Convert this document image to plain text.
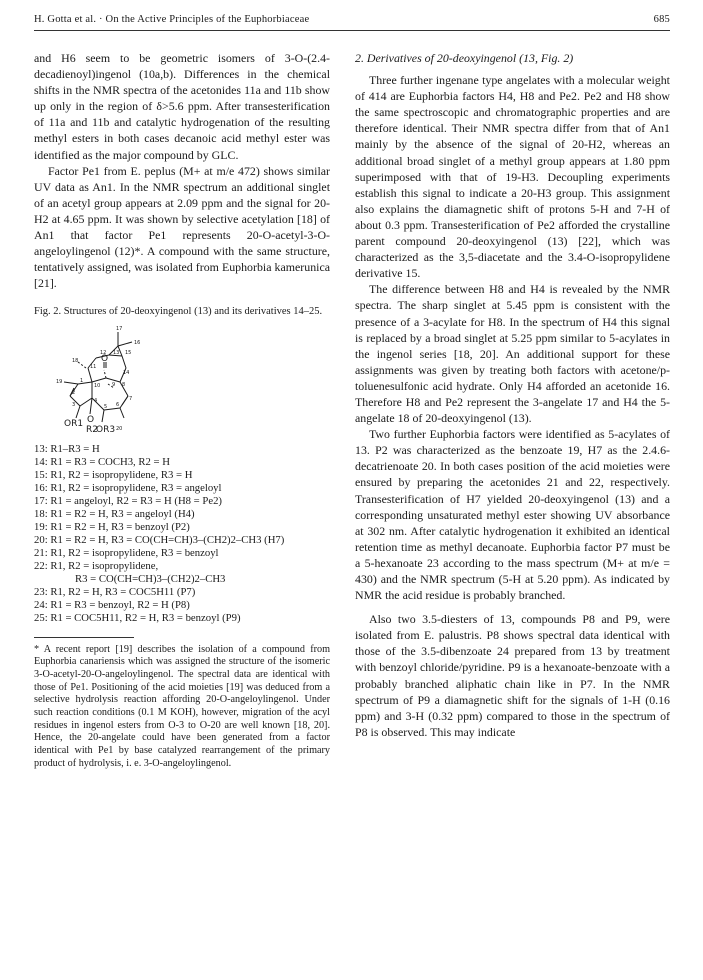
H. Gotta et al. · On the Active Principles of the Euphorbiaceae	685

and H6 seem to be geometric isomers of 3-O-(2.4-decadienoyl)ingenol (10a,b). Differences in the chemical shifts in the NMR spectra of the acetonides 11a and 11b show up only in the region of δ>5.6 ppm. After transesterification of 11a and 11b and catalytic hydrogenation of the resulting methyl esters in both cases decanoic acid methyl ester was identified as the major compound by GLC.

Factor Pe1 from E. peplus (M+ at m/e 472) shows similar UV data as An1. In the NMR spectrum an additional singlet of an acetyl group appears at 2.09 ppm and the signal for 20-H2 at 4.65 ppm. It was shown by selective acetylation [18] of An1 that factor Pe1 represents 20-O-acetyl-3-O-angeloylingenol (12)*. A compound with the same structure, tentatively assigned, was isolated from Euphorbia kamerunica [21].

Fig. 2. Structures of 20-deoxyingenol (13) and its derivatives 14–25.
17
16
12 13 15
18
11
O
14
9
19	1
10	8
2
4	7
3	5 6
OR1 O
R2
OR3 20
13: R1–R3 = H
14: R1 = R3 = COCH3, R2 = H
15: R1, R2 = isopropylidene, R3 = H
16: R1, R2 = isopropylidene, R3 = angeloyl
17: R1 = angeloyl, R2 = R3 = H (H8 = Pe2)
18: R1 = R2 = H, R3 = angeloyl (H4)
19: R1 = R2 = H, R3 = benzoyl (P2)
20: R1 = R2 = H, R3 = CO(CH=CH)3–(CH2)2–CH3 (H7)
21: R1, R2 = isopropylidene, R3 = benzoyl
22: R1, R2 = isopropylidene,
R3 = CO(CH=CH)3–(CH2)2–CH3
23: R1, R2 = H, R3 = COC5H11 (P7)
24: R1 = R3 = benzoyl, R2 = H (P8)
25: R1 = COC5H11, R2 = H, R3 = benzoyl (P9)
* A recent report [19] describes the isolation of a compound from Euphorbia canariensis which was assigned the structure of the isomeric 3-O-acetyl-20-O-angeloylingenol. The spectral data are identical with those of Pe1. Positioning of the acid moieties [19] was deduced from a selective hydrolysis reaction affording 20-O-angeloylingenol. Under such reaction conditions (0.1 M KOH), however, migration of the acyl residues in ingenol esters from O-3 to O-20 are well known [18, 20]. Hence, the 20-angelate could have been generated from a factor identical with Pe1 by base catalyzed rearrangement of the primary product of hydrolysis, i. e. 3-O-angeloylingenol.

2. Derivatives of 20-deoxyingenol (13, Fig. 2)

Three further ingenane type angelates with a molecular weight of 414 are Euphorbia factors H4, H8 and Pe2. Pe2 and H8 show the same spectroscopic and chromatographic properties and are therefore identical. Their NMR spectra differ from that of An1 mainly by the absence of the signal of 20-H2, whereas an additional broad singlet of a methyl group appears at 1.80 ppm superimposed with that of 19-H3. Decoupling experiments establish this signal to indicate a 20-H3 group. This assignment also explains the diamagnetic shift of protons 5-H and 7-H of about 0.3 ppm. Transesterification of Pe2 afforded the crystalline parent compound 20-deoxyingenol (13) [22], which was characterized as the 3,5-diacetate and the 3.4-O-isopropylidene derivative 15.

The difference between H8 and H4 is revealed by the NMR spectra. The sharp singlet at 5.45 ppm is consistent with the presence of a 3-acylate for H8. In the spectrum of H4 this signal is replaced by a broad singlet at 5.25 ppm similar to 5-acylates in the ingenol series [18, 20]. An additional support for these assignments was given by treating both factors with acetone/p-toluenesulfonic acid hydrate. Only H4 afforded an acetonide 16. Therefore H8 and Pe2 represent the 3-angelate 17 and H4 the 5-angelate 18 of 20-deoxyingenol (13).

Two further Euphorbia factors were identified as 5-acylates of 13. P2 was characterized as the benzoate 19, H7 as the 2.4.6-decatrienoate 20. In both cases position of the acid moieties were ensured by preparing the acetonides 21 and 22, respectively. Transesterification of H7 yielded 20-deoxyingenol (13) and a corresponding unsaturated methyl ester showing UV absorbance at 302 nm. After catalytic hydrogenation it exhibited an identical retention time as methyl decanoate. Euphorbia factor P7 must be a 5-hexanoate 23 according to the mass spectrum (M+ at m/e = 430) and the NMR spectrum (5-H at 5.20 ppm). As indicated by NMR the acid residue is probably branched.

Also two 3.5-diesters of 13, compounds P8 and P9, were isolated from E. palustris. P8 shows spectral data identical with those of the 3.5-dibenzoate 24 prepared from 13 by treatment with benzoyl chloride/pyridine. P9 is a hexanoate-benzoate with a probably branched aliphatic chain like in P7. In the NMR spectrum of P9 a diamagnetic shift for the signals of 1-H (0.16 ppm) and 3-H (0.32 ppm) compared to those in the spectrum of P8 is observed. This may indicate
